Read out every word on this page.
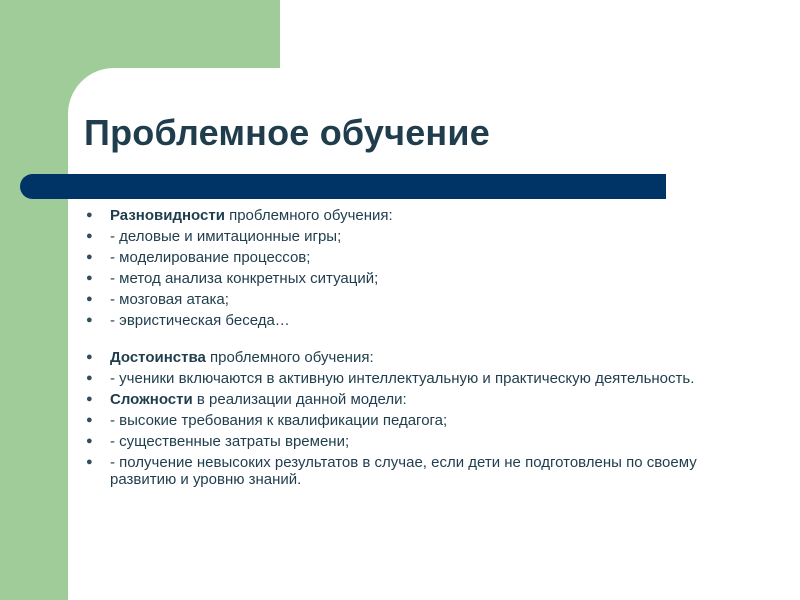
Проблемное обучение
● Разновидности проблемного обучения:
● - деловые и имитационные игры;
● - моделирование процессов;
● - метод анализа конкретных ситуаций;
● - мозговая атака;
● - эвристическая беседа…
● Достоинства проблемного обучения:
● - ученики включаются в активную интеллектуальную и практическую деятельность.
● Сложности в реализации данной модели:
● - высокие требования к квалификации педагога;
● - существенные затраты времени;
● - получение невысоких результатов в случае, если дети не подготовлены по своему развитию и уровню знаний.
